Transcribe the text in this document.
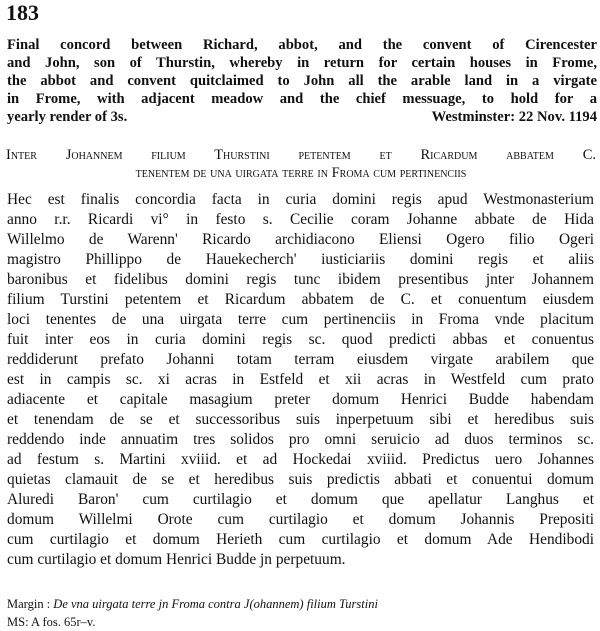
183
Final concord between Richard, abbot, and the convent of Cirencester
and John, son of Thurstin, whereby in return for certain houses in Frome,
the abbot and convent quitclaimed to John all the arable land in a virgate
in Frome, with adjacent meadow and the chief messuage, to hold for a
yearly render of 3s.	Westminster: 22 Nov. 1194
Inter Johannem filium Thurstini petentem et Ricardum abbatem C.
tenentem de una uirgata terre in Froma cum pertinenciis
Hec est finalis concordia facta in curia domini regis apud Westmonasterium
anno r.r. Ricardi vi° in festo s. Cecilie coram Johanne abbate de Hida
Willelmo de Warenn' Ricardo archidiacono Eliensi Ogero filio Ogeri
magistro Phillippo de Hauekecherch' iusticiariis domini regis et aliis
baronibus et fidelibus domini regis tunc ibidem presentibus jnter Johannem
filium Turstini petentem et Ricardum abbatem de C. et conuentum eiusdem
loci tenentes de una uirgata terre cum pertinenciis in Froma vnde placitum
fuit inter eos in curia domini regis sc. quod predicti abbas et conuentus
reddiderunt prefato Johanni totam terram eiusdem virgate arabilem que
est in campis sc. xi acras in Estfeld et xii acras in Westfeld cum prato
adiacente et capitale masagium preter domum Henrici Budde habendam
et tenendam de se et successoribus suis inperpetuum sibi et heredibus suis
reddendo inde annuatim tres solidos pro omni seruicio ad duos terminos sc.
ad festum s. Martini xviiid. et ad Hockedai xviiid. Predictus uero Johannes
quietas clamauit de se et heredibus suis predictis abbati et conuentui domum
Aluredi Baron' cum curtilagio et domum que apellatur Langhus et
domum Willelmi Orote cum curtilagio et domum Johannis Prepositi
cum curtilagio et domum Herieth cum curtilagio et domum Ade Hendibodi
cum curtilagio et domum Henrici Budde jn perpetuum.
Margin : De vna uirgata terre jn Froma contra J(ohannem) filium Turstini
MS: A fos. 65r–v.
